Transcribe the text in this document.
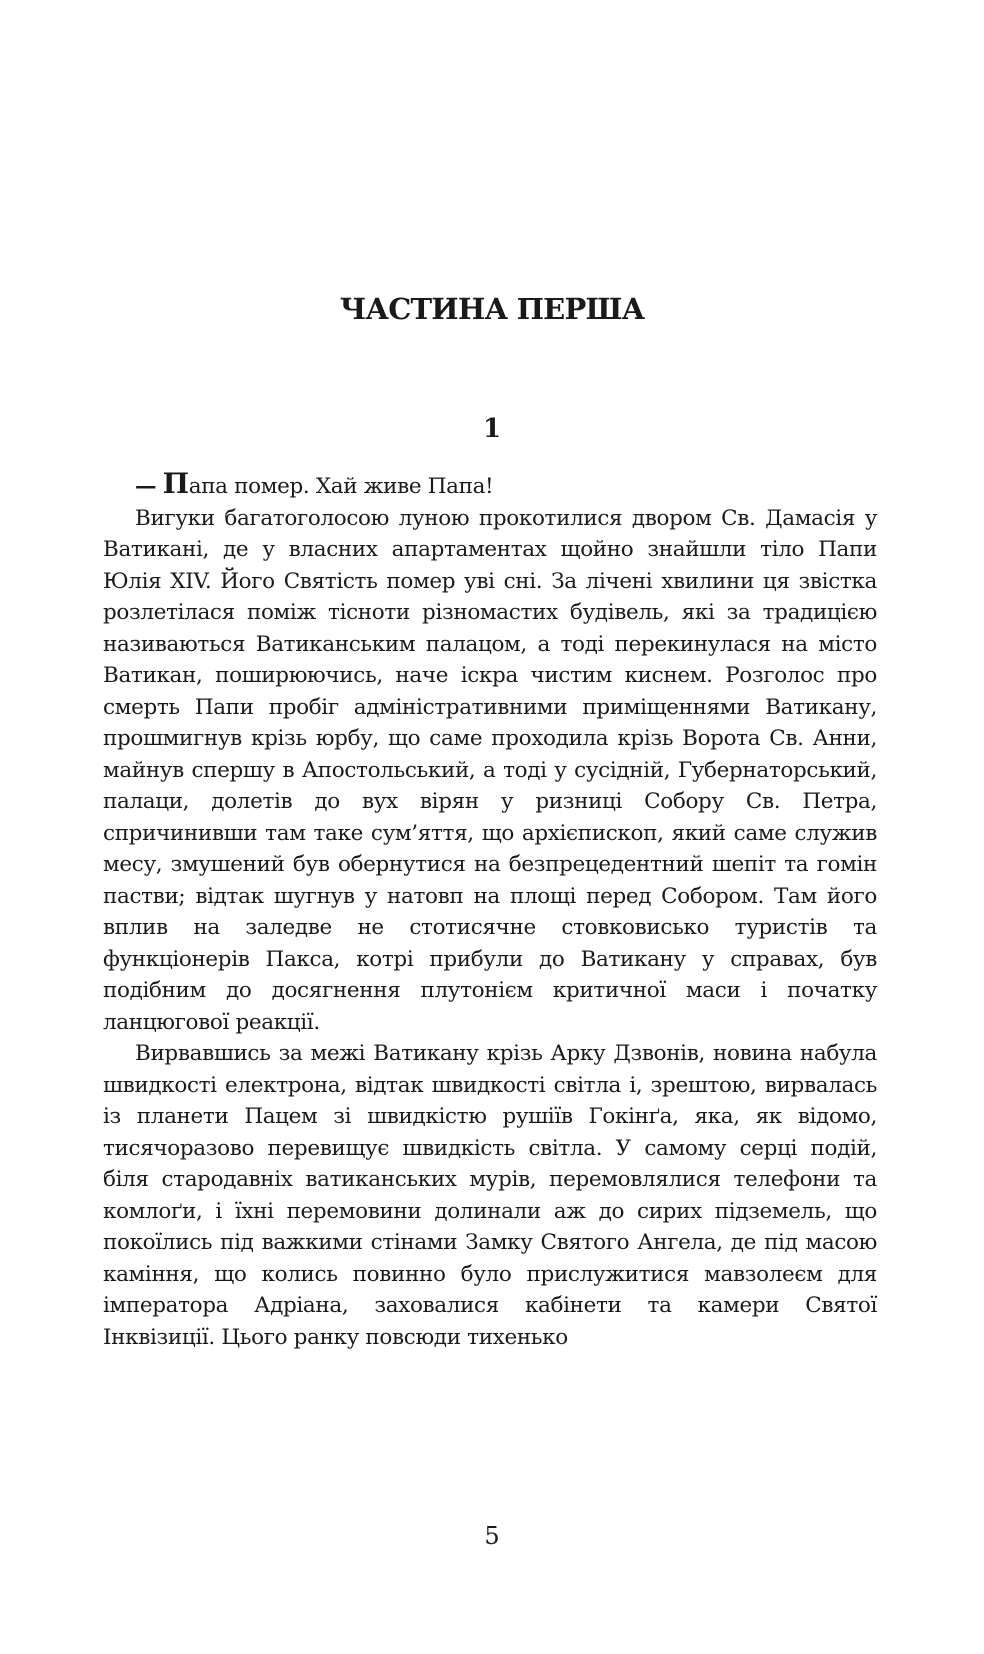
ЧАСТИНА ПЕРША
1

— Папа помер. Хай живе Папа!

Вигуки багатоголосою луною прокотилися двором Св. Дамасія у Ватикані, де у власних апартаментах щойно знайшли тіло Папи Юлія XIV. Його Святість помер уві сні. За лічені хвилини ця звістка розлетілася поміж тісноти різномастих будівель, які за традицією називаються Ватиканським палацом, а тоді перекинулася на місто Ватикан, поширюючись, наче іскра чистим киснем. Розголос про смерть Папи пробіг адміністративними приміщеннями Ватикану, прошмигнув крізь юрбу, що саме проходила крізь Ворота Св. Анни, майнув спершу в Апостольський, а тоді у сусідній, Губернаторський, палаци, долетів до вух вірян у ризниці Собору Св. Петра, спричинивши там таке сум’яття, що архієпископ, який саме служив месу, змушений був обернутися на безпрецедентний шепіт та гомін пастви; відтак шугнув у натовп на площі перед Собором. Там його вплив на заледве не стотисячне стовковисько туристів та функціонерів Пакса, котрі прибули до Ватикану у справах, був подібним до досягнення плутонієм критичної маси і початку ланцюгової реакції.

Вирвавшись за межі Ватикану крізь Арку Дзвонів, новина набула швидкості електрона, відтак швидкості світла і, зрештою, вирвалась із планети Пацем зі швидкістю рушіїв Гокінґа, яка, як відомо, тисячоразово перевищує швидкість світла. У самому серці подій, біля стародавніх ватиканських мурів, перемовлялися телефони та комлоґи, і їхні перемовини долинали аж до сирих підземель, що покоїлись під важкими стінами Замку Святого Ангела, де під масою каміння, що колись повинно було прислужитися мавзолеєм для імператора Адріана, заховалися кабінети та камери Святої Інквізиції. Цього ранку повсюди тихенько

5
